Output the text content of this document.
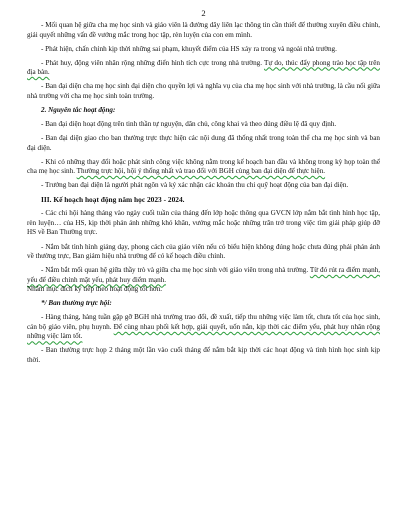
2

- Mối quan hệ giữa cha mẹ học sinh và giáo viên là đường dây liên lạc thông tin cần thiết để thường xuyên điều chỉnh, giải quyết những vấn đề vướng mắc trong học tập, rèn luyện của con em mình.

- Phát hiện, chấn chỉnh kịp thời những sai phạm, khuyết điểm của HS xảy ra trong và ngoài nhà trường.

- Phát huy, động viên nhân rộng những điển hình tích cực trong nhà trường. Tự do, thúc đẩy phong trào học tập trên địa bàn.

- Ban đại diện cha mẹ học sinh đại diện cho quyền lợi và nghĩa vụ của cha mẹ học sinh với nhà trường, là cầu nối giữa nhà trường với cha mẹ học sinh toàn trường.

2. Nguyên tắc hoạt động:

- Ban đại diện hoạt động trên tinh thần tự nguyện, dân chủ, công khai và theo đúng điều lệ đã quy định.

- Ban đại diện giao cho ban thường trực thực hiện các nội dung đã thống nhất trong toàn thể cha mẹ học sinh và ban đại diện.

- Khi có những thay đổi hoặc phát sinh công việc không nằm trong kế hoạch ban đầu và không trong kỳ họp toàn thể cha mẹ học sinh. Thường trực hội, hội ý thống nhất và trao đổi với BGH cùng ban đại diện để thực hiện.

- Trưởng ban đại diện là người phát ngôn và ký xác nhận các khoản thu chi quỹ hoạt động của ban đại diện.

III. Kế hoạch hoạt động năm học 2023 - 2024.

- Các chi hội hàng tháng vào ngày cuối tuần của tháng đến lớp hoặc thông qua GVCN lớp nắm bắt tình hình học tập, rèn luyện… của HS, kịp thời phản ánh những khó khăn, vướng mắc hoặc những trăn trở trong việc tìm giải pháp giúp đỡ HS về Ban Thường trực.

- Nắm bắt tình hình giảng dạy, phong cách của giáo viên nếu có biểu hiện không đúng hoặc chưa đúng phải phản ánh về thường trực, Ban giám hiệu nhà trường để có kế hoạch điều chỉnh.

- Nắm bắt mối quan hệ giữa thầy trò và giữa cha mẹ học sinh với giáo viên trong nhà trường. Từ đó rút ra điểm mạnh, yếu để điều chỉnh mặt yếu, phát huy điểm mạnh.

Nhằm mục đích ký tiếp theo hoạt động tốt hơn.

*/ Ban thường trực hội:

- Hàng tháng, hàng tuần gặp gỡ BGH nhà trường trao đổi, đề xuất, tiếp thu những việc làm tốt, chưa tốt của học sinh, cán bộ giáo viên, phụ huynh. Để cùng nhau phối kết hợp, giải quyết, uốn nắn, kịp thời các điểm yếu, phát huy nhân rộng những việc làm tốt.

- Ban thường trực họp 2 tháng một lần vào cuối tháng để nắm bắt kịp thời các hoạt động và tình hình học sinh kịp thời.
